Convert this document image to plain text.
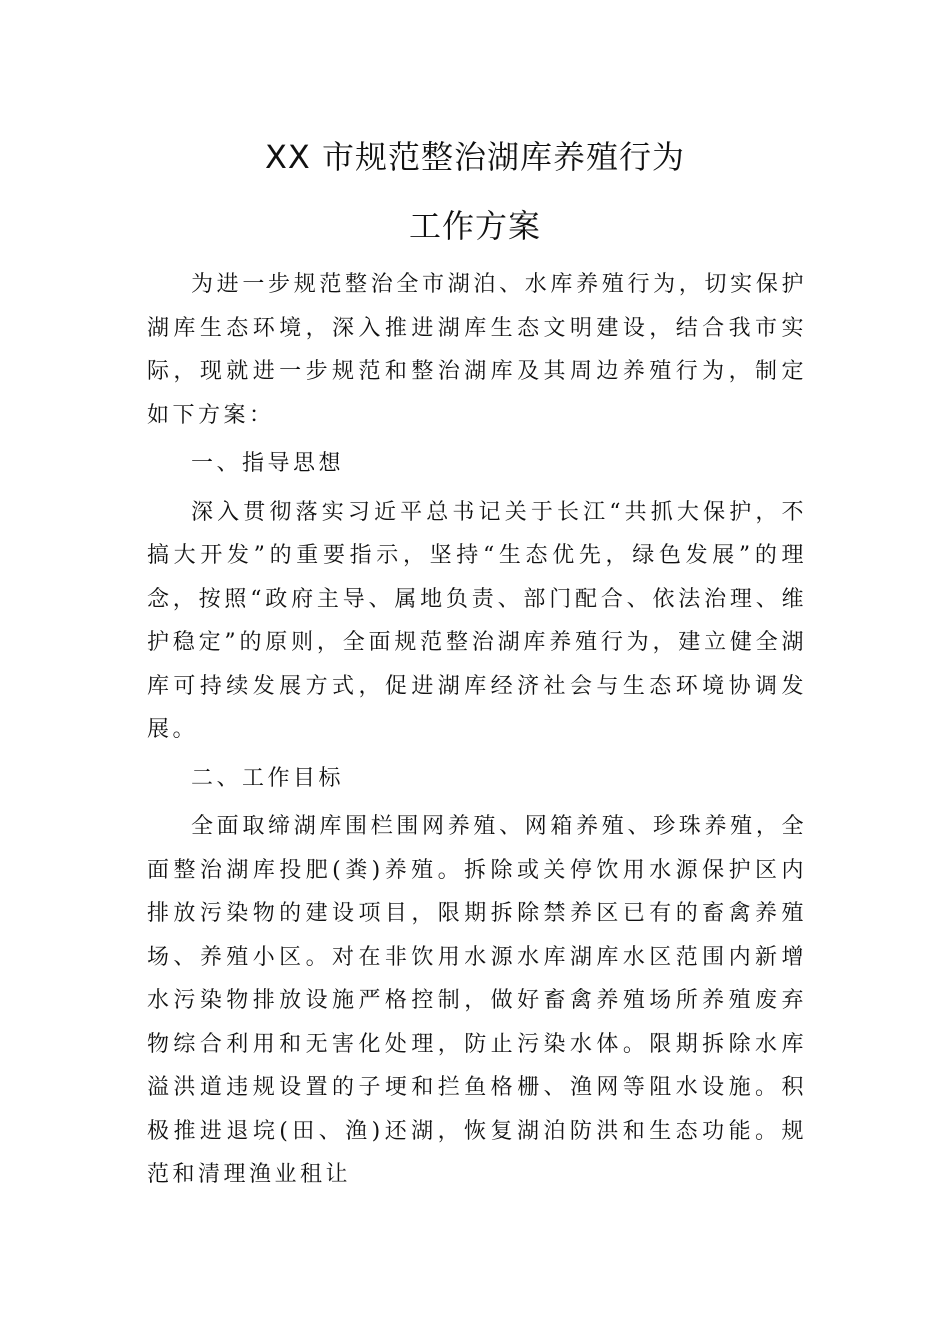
XX 市规范整治湖库养殖行为
工作方案

为进一步规范整治全市湖泊、水库养殖行为，切实保护湖库生态环境，深入推进湖库生态文明建设，结合我市实际，现就进一步规范和整治湖库及其周边养殖行为，制定如下方案：

一、指导思想

深入贯彻落实习近平总书记关于长江“共抓大保护，不搞大开发”的重要指示，坚持“生态优先，绿色发展”的理念，按照“政府主导、属地负责、部门配合、依法治理、维护稳定”的原则，全面规范整治湖库养殖行为，建立健全湖库可持续发展方式，促进湖库经济社会与生态环境协调发展。

二、工作目标

全面取缔湖库围栏围网养殖、网箱养殖、珍珠养殖，全面整治湖库投肥(粪)养殖。拆除或关停饮用水源保护区内排放污染物的建设项目，限期拆除禁养区已有的畜禽养殖场、养殖小区。对在非饮用水源水库湖库水区范围内新增水污染物排放设施严格控制，做好畜禽养殖场所养殖废弃物综合利用和无害化处理，防止污染水体。限期拆除水库溢洪道违规设置的子埂和拦鱼格栅、渔网等阻水设施。积极推进退垸(田、渔)还湖，恢复湖泊防洪和生态功能。规范和清理渔业租让
